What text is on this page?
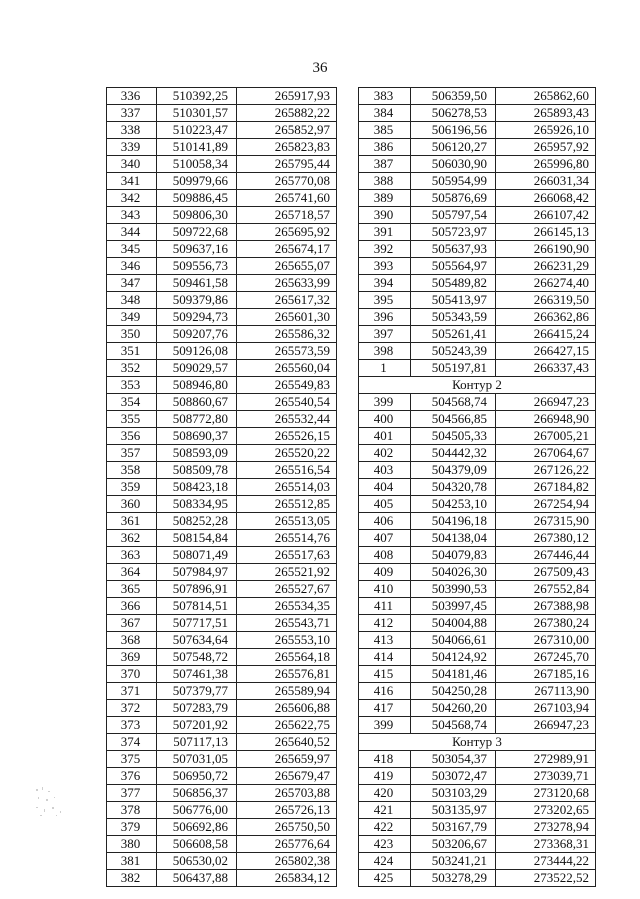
36
336	510392,25	265917,93
337	510301,57	265882,22
338	510223,47	265852,97
339	510141,89	265823,83
340	510058,34	265795,44
341	509979,66	265770,08
342	509886,45	265741,60
343	509806,30	265718,57
344	509722,68	265695,92
345	509637,16	265674,17
346	509556,73	265655,07
347	509461,58	265633,99
348	509379,86	265617,32
349	509294,73	265601,30
350	509207,76	265586,32
351	509126,08	265573,59
352	509029,57	265560,04
353	508946,80	265549,83
354	508860,67	265540,54
355	508772,80	265532,44
356	508690,37	265526,15
357	508593,09	265520,22
358	508509,78	265516,54
359	508423,18	265514,03
360	508334,95	265512,85
361	508252,28	265513,05
362	508154,84	265514,76
363	508071,49	265517,63
364	507984,97	265521,92
365	507896,91	265527,67
366	507814,51	265534,35
367	507717,51	265543,71
368	507634,64	265553,10
369	507548,72	265564,18
370	507461,38	265576,81
371	507379,77	265589,94
372	507283,79	265606,88
373	507201,92	265622,75
374	507117,13	265640,52
375	507031,05	265659,97
376	506950,72	265679,47
377	506856,37	265703,88
378	506776,00	265726,13
379	506692,86	265750,50
380	506608,58	265776,64
381	506530,02	265802,38
382	506437,88	265834,12
383	506359,50	265862,60
384	506278,53	265893,43
385	506196,56	265926,10
386	506120,27	265957,92
387	506030,90	265996,80
388	505954,99	266031,34
389	505876,69	266068,42
390	505797,54	266107,42
391	505723,97	266145,13
392	505637,93	266190,90
393	505564,97	266231,29
394	505489,82	266274,40
395	505413,97	266319,50
396	505343,59	266362,86
397	505261,41	266415,24
398	505243,39	266427,15
1	505197,81	266337,43
Контур 2		
399	504568,74	266947,23
400	504566,85	266948,90
401	504505,33	267005,21
402	504442,32	267064,67
403	504379,09	267126,22
404	504320,78	267184,82
405	504253,10	267254,94
406	504196,18	267315,90
407	504138,04	267380,12
408	504079,83	267446,44
409	504026,30	267509,43
410	503990,53	267552,84
411	503997,45	267388,98
412	504004,88	267380,24
413	504066,61	267310,00
414	504124,92	267245,70
415	504181,46	267185,16
416	504250,28	267113,90
417	504260,20	267103,94
399	504568,74	266947,23
Контур 3		
418	503054,37	272989,91
419	503072,47	273039,71
420	503103,29	273120,68
421	503135,97	273202,65
422	503167,79	273278,94
423	503206,67	273368,31
424	503241,21	273444,22
425	503278,29	273522,52
